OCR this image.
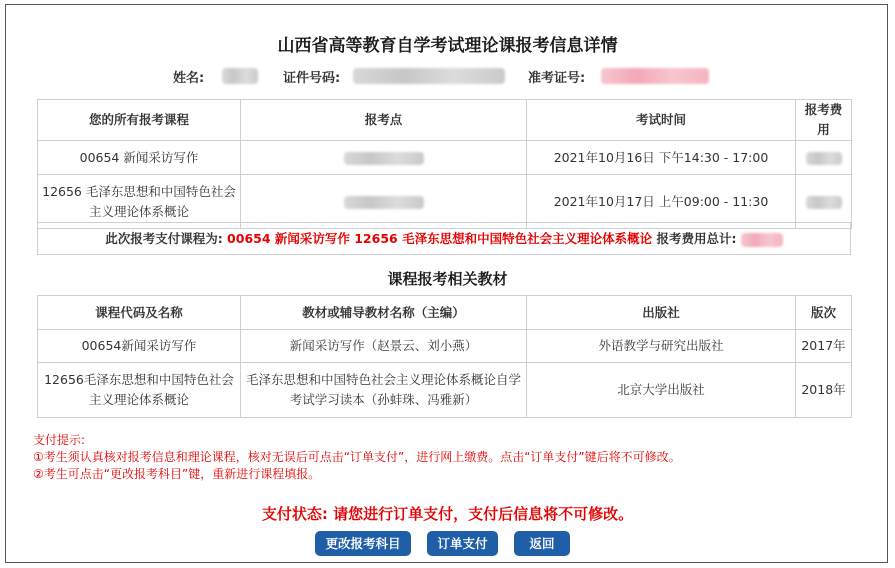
山西省高等教育自学考试理论课报考信息详情
姓名:	证件号码:	准考证号:
您的所有报考课程	报考点	考试时间	报考费用
00654 新闻采访写作		2021年10月16日 下午14:30 - 17:00	
12656 毛泽东思想和中国特色社会主义理论体系概论		2021年10月17日 上午09:00 - 11:30	
此次报考支付课程为: 00654 新闻采访写作 12656 毛泽东思想和中国特色社会主义理论体系概论 报考费用总计:
课程报考相关教材
课程代码及名称	教材或辅导教材名称（主编）	出版社	版次
00654新闻采访写作	新闻采访写作（赵景云、刘小燕）	外语教学与研究出版社	2017年
12656毛泽东思想和中国特色社会主义理论体系概论	毛泽东思想和中国特色社会主义理论体系概论自学考试学习读本（孙蚌珠、冯雅新）	北京大学出版社	2018年
支付提示:
①考生须认真核对报考信息和理论课程，核对无误后可点击“订单支付”，进行网上缴费。点击“订单支付”键后将不可修改。
②考生可点击“更改报考科目”键，重新进行课程填报。
支付状态: 请您进行订单支付，支付后信息将不可修改。
更改报考科目	订单支付	返回
